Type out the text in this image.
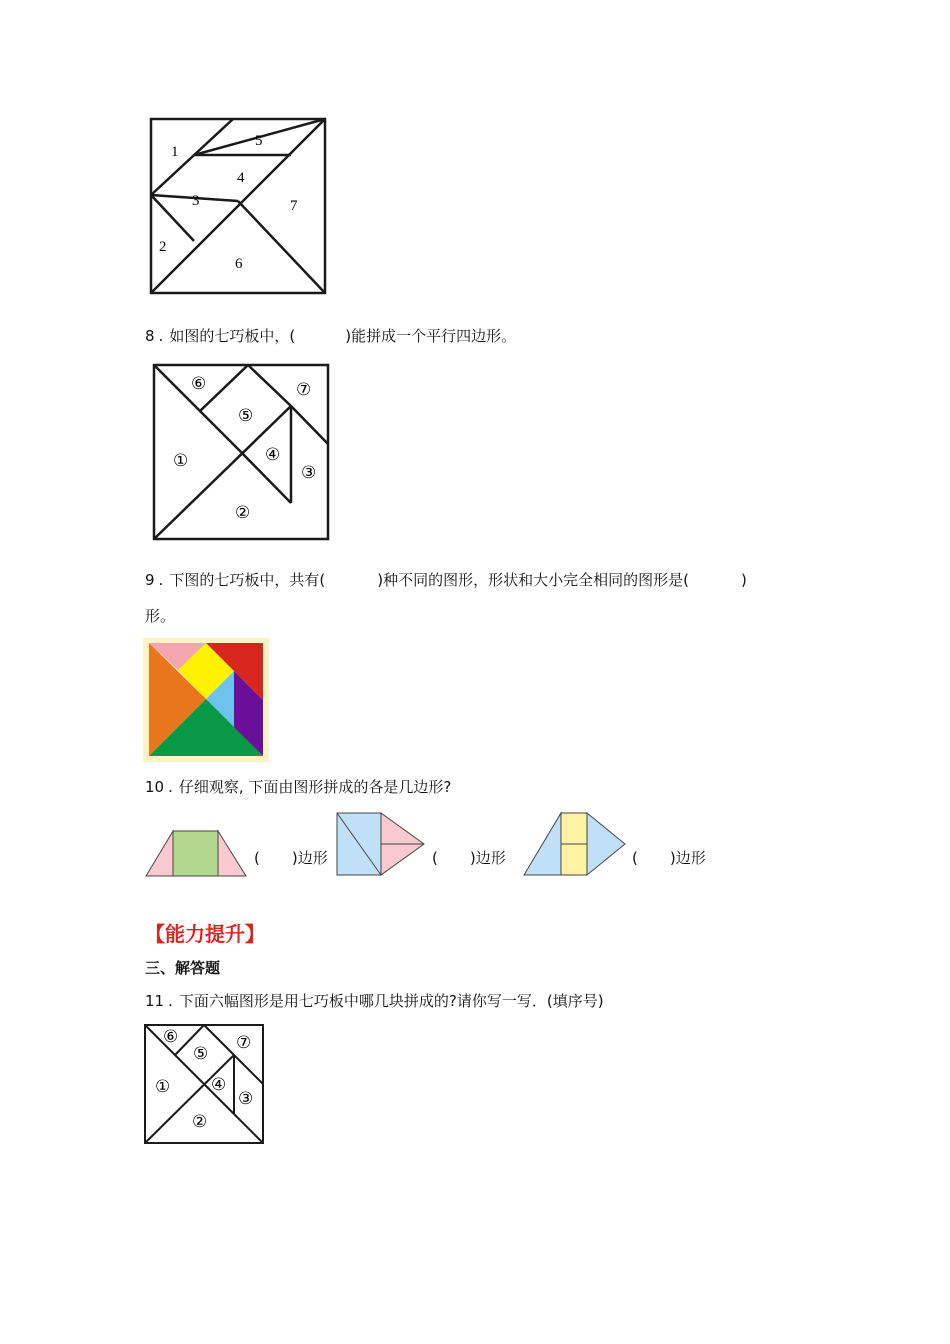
1
2
3
4
5
6
7
8 . 如图的七巧板中，(	)能拼成一个平行四边形。
⑥
⑤
⑦
①	④
③
②
9 . 下图的七巧板中，共有(	)种不同的图形，形状和大小完全相同的图形是(	)
形。
10 . 仔细观察, 下面由图形拼成的各是几边形?
( )边形	( )边形	( )边形
【能力提升】
三、解答题
11 . 下面六幅图形是用七巧板中哪几块拼成的?请你写一写．(填序号)
⑥
⑤
⑦
① ④
③
②
